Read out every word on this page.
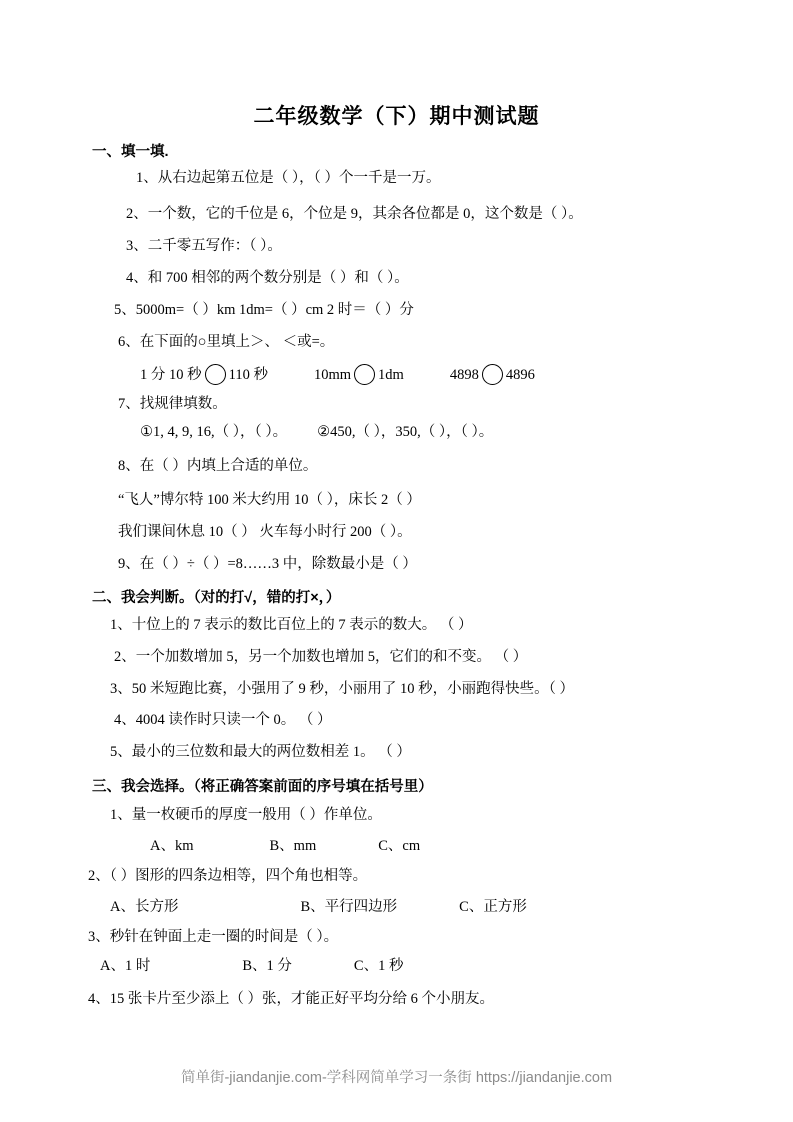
二年级数学（下）期中测试题
一、填一填.
1、从右边起第五位是（ ），（ ）个一千是一万。
2、一个数，它的千位是 6，个位是 9，其余各位都是 0，这个数是（ ）。
3、二千零五写作：（ ）。
4、和 700 相邻的两个数分别是（ ）和（ ）。
5、5000m=（ ）km 1dm=（ ）cm 2 时＝（ ）分
6、在下面的○里填上＞、 ＜或=。
1 分 10 秒 110 秒	10mm 1dm	4898 4896
7、找规律填数。
①1, 4, 9, 16,（ ），（ ）。 ②450,（ ），350,（ ），（ ）。
8、在（ ）内填上合适的单位。
“飞人”博尔特 100 米大约用 10（ ），床长 2（ ）
我们课间休息 10（ ） 火车每小时行 200（ ）。
9、在（ ）÷（ ）=8……3 中，除数最小是（ ）
二、我会判断。（对的打√，错的打×，）
1、十位上的 7 表示的数比百位上的 7 表示的数大。 （ ）
2、一个加数增加 5，另一个加数也增加 5，它们的和不变。 （ ）
3、50 米短跑比赛，小强用了 9 秒，小丽用了 10 秒，小丽跑得快些。（ ）
4、4004 读作时只读一个 0。 （ ）
5、最小的三位数和最大的两位数相差 1。 （ ）
三、我会选择。（将正确答案前面的序号填在括号里）
1、量一枚硬币的厚度一般用（ ）作单位。
A、km	B、mm	C、cm
2、（ ）图形的四条边相等，四个角也相等。
A、长方形	B、平行四边形	C、正方形
3、秒针在钟面上走一圈的时间是（ ）。
A、1 时	B、1 分	C、1 秒
4、15 张卡片至少添上（ ）张，才能正好平均分给 6 个小朋友。
简单街-jiandanjie.com-学科网简单学习一条街 https://jiandanjie.com
